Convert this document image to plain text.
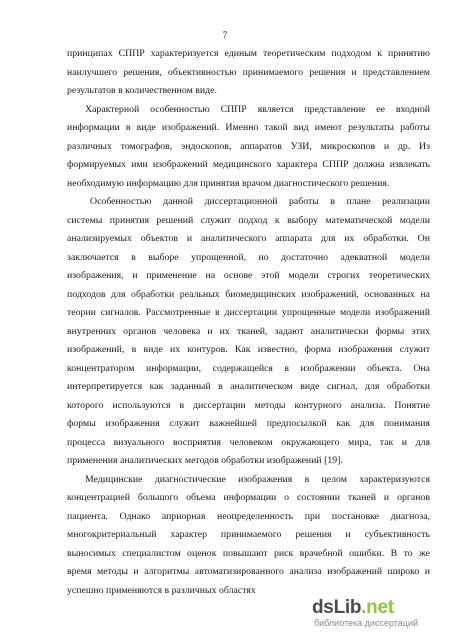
7
принципах СППР характеризуется единым теоретическим подходом к принятию
наилучшего решения, объективностью принимаемого решения и представлением
результатов в количественном виде.
Характерной особенностью СППР является представление ее входной
информации в виде изображений. Именно такой вид имеют результаты работы
различных томографов, эндоскопов, аппаратов УЗИ, микроскопов и др. Из
формируемых ими изображений медицинского характера СППР должна извлекать
необходимую информацию для принятия врачом диагностического решения.
Особенностью данной диссертационной работы в плане реализации
системы принятия решений служит подход к выбору математической модели
анализируемых объектов и аналитического аппарата для их обработки. Он
заключается в выборе упрощенной, но достаточно адекватной модели
изображения, и применение на основе этой модели строгих теоретических
подходов для обработки реальных биомедицинских изображений, основанных на
теории сигналов. Рассмотренные в диссертации упрощенные модели изображений
внутренних органов человека и их тканей, задают аналитически формы этих
изображений, в виде их контуров. Как известно, форма изображения служит
концентратором информации, содержащейся в изображении объекта. Она
интерпретируется как заданный в аналитическом виде сигнал, для обработки
которого используются в диссертации методы контурного анализа. Понятие
формы изображения служит важнейшей предпосылкой как для понимания
процесса визуального восприятия человеком окружающего мира, так и для
применения аналитических методов обработки изображений [19].
Медицинские диагностические изображения в целом характеризуются
концентрацией большого объема информации о состоянии тканей и органов
пациента. Однако априорная неопределенность при постановке диагноза,
многокритериальный характер принимаемого решения и субъективность
выносимых специалистом оценок повышают риск врачебной ошибки. В то же
время методы и алгоритмы автоматизированного анализа изображений широко и
успешно применяются в различных областях
dsLib.net
библиотека диссертаций
